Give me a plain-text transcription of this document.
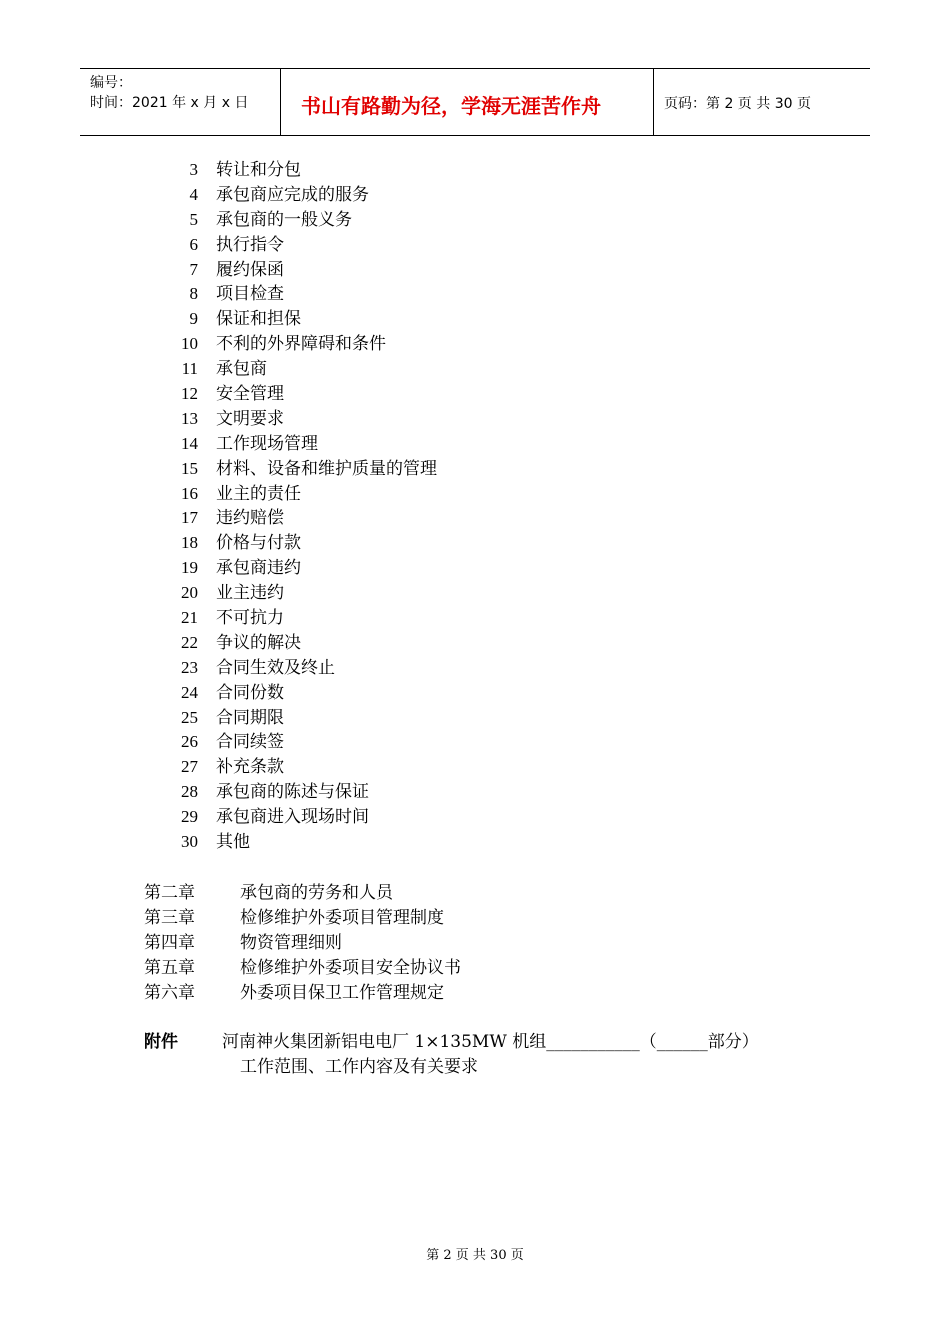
编号：
时间：2021 年 x 月 x 日	书山有路勤为径，学海无涯苦作舟	页码：第 2 页 共 30 页
3 转让和分包
4 承包商应完成的服务
5 承包商的一般义务
6 执行指令
7 履约保函
8 项目检查
9 保证和担保
10 不利的外界障碍和条件
11 承包商
12 安全管理
13 文明要求
14 工作现场管理
15 材料、设备和维护质量的管理
16 业主的责任
17 违约赔偿
18 价格与付款
19 承包商违约
20 业主违约
21 不可抗力
22 争议的解决
23 合同生效及终止
24 合同份数
25 合同期限
26 合同续签
27 补充条款
28 承包商的陈述与保证
29 承包商进入现场时间
30 其他
第二章	承包商的劳务和人员
第三章	检修维护外委项目管理制度
第四章	物资管理细则
第五章	检修维护外委项目安全协议书
第六章	外委项目保卫工作管理规定
附件	河南神火集团新铝电电厂 1×135MW 机组___________（______部分）
工作范围、工作内容及有关要求
第 2 页 共 30 页
